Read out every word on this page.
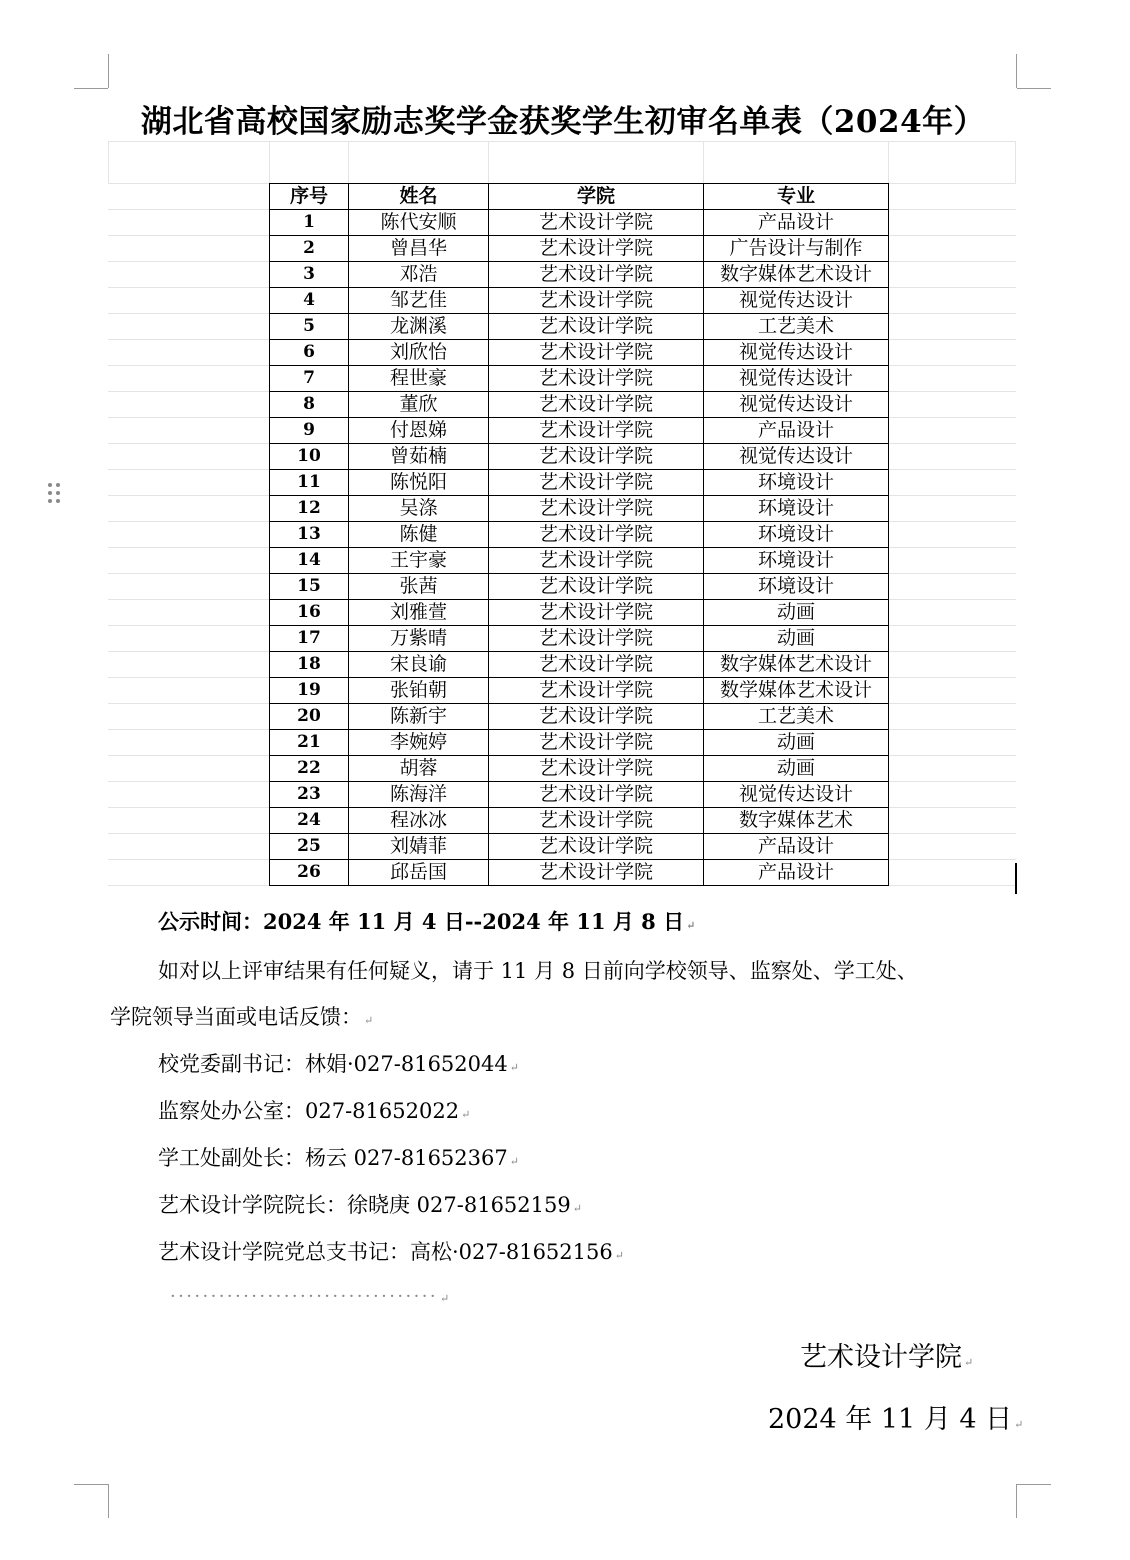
湖北省高校国家励志奖学金获奖学生初审名单表（2024年）
序号	姓名	学院	专业
1	陈代安顺	艺术设计学院	产品设计
2	曾昌华	艺术设计学院	广告设计与制作
3	邓浩	艺术设计学院	数字媒体艺术设计
4	邹艺佳	艺术设计学院	视觉传达设计
5	龙渊溪	艺术设计学院	工艺美术
6	刘欣怡	艺术设计学院	视觉传达设计
7	程世豪	艺术设计学院	视觉传达设计
8	董欣	艺术设计学院	视觉传达设计
9	付恩娣	艺术设计学院	产品设计
10	曾茹楠	艺术设计学院	视觉传达设计
11	陈悦阳	艺术设计学院	环境设计
12	吴涤	艺术设计学院	环境设计
13	陈健	艺术设计学院	环境设计
14	王宇豪	艺术设计学院	环境设计
15	张茜	艺术设计学院	环境设计
16	刘雅萱	艺术设计学院	动画
17	万紫晴	艺术设计学院	动画
18	宋良谕	艺术设计学院	数字媒体艺术设计
19	张铂朝	艺术设计学院	数学媒体艺术设计
20	陈新宇	艺术设计学院	工艺美术
21	李婉婷	艺术设计学院	动画
22	胡蓉	艺术设计学院	动画
23	陈海洋	艺术设计学院	视觉传达设计
24	程冰冰	艺术设计学院	数字媒体艺术
25	刘婧菲	艺术设计学院	产品设计
26	邱岳国	艺术设计学院	产品设计
公示时间：2024 年 11 月 4 日--2024 年 11 月 8 日 ↵
如对以上评审结果有任何疑义，请于 11 月 8 日前向学校领导、监察处、学工处、
学院领导当面或电话反馈： ↵
校党委副书记：林娟·027-81652044 ↵
监察处办公室：027-81652022 ↵
学工处副处长：杨云 027-81652367 ↵
艺术设计学院院长：徐晓庚 027-81652159 ↵
艺术设计学院党总支书记：高松·027-81652156 ↵
································· ↵
艺术设计学院 ↵
2024 年 11 月 4 日 ↵
